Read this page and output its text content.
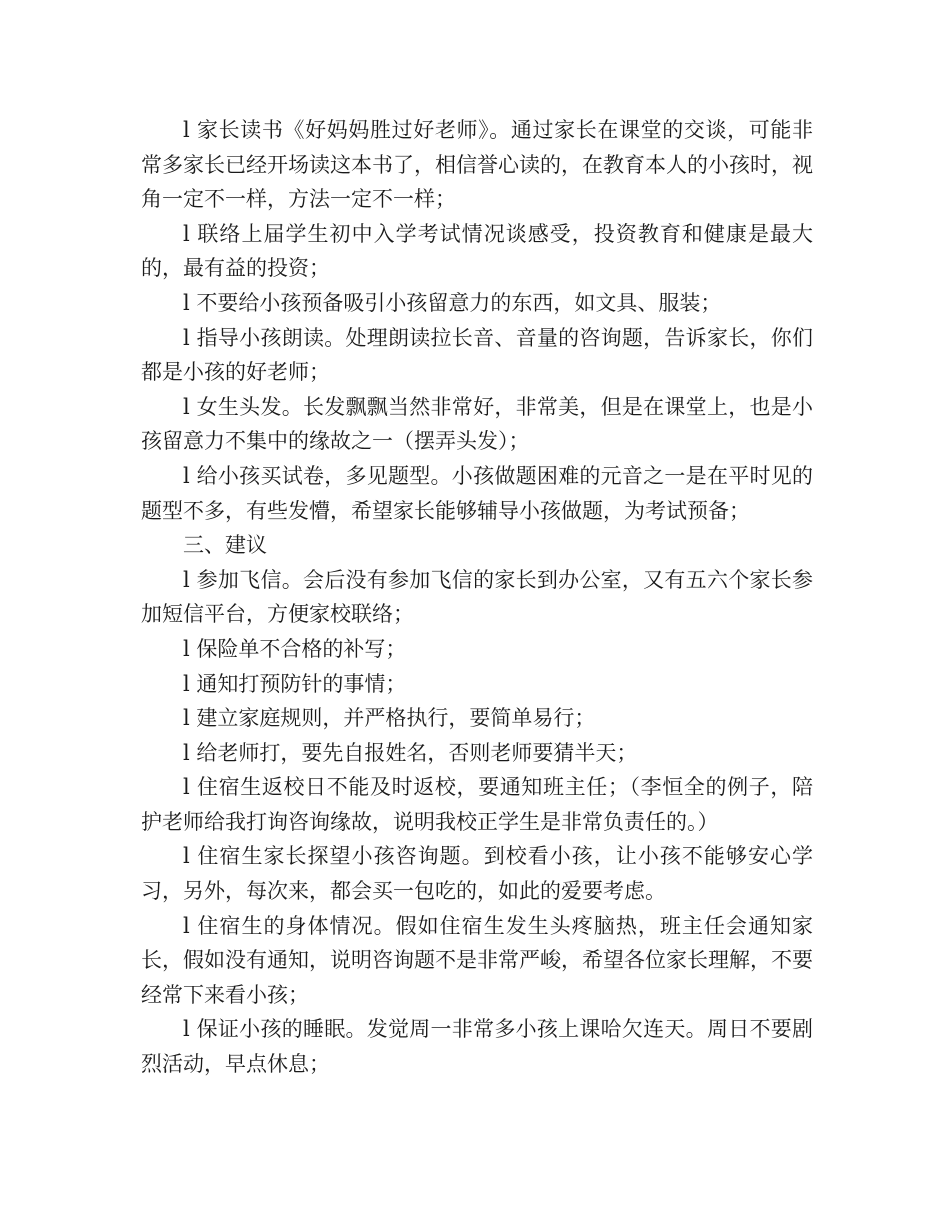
l 家长读书《好妈妈胜过好老师》。通过家长在课堂的交谈，可能非常多家长已经开场读这本书了，相信誉心读的，在教育本人的小孩时，视角一定不一样，方法一定不一样；

l 联络上届学生初中入学考试情况谈感受，投资教育和健康是最大的，最有益的投资；

l 不要给小孩预备吸引小孩留意力的东西，如文具、服装；

l 指导小孩朗读。处理朗读拉长音、音量的咨询题，告诉家长，你们都是小孩的好老师；

l 女生头发。长发飘飘当然非常好，非常美，但是在课堂上，也是小孩留意力不集中的缘故之一（摆弄头发）；

l 给小孩买试卷，多见题型。小孩做题困难的元音之一是在平时见的题型不多，有些发懵，希望家长能够辅导小孩做题，为考试预备；

三、建议

l 参加飞信。会后没有参加飞信的家长到办公室，又有五六个家长参加短信平台，方便家校联络；

l 保险单不合格的补写；

l 通知打预防针的事情；

l 建立家庭规则，并严格执行，要简单易行；

l 给老师打，要先自报姓名，否则老师要猜半天；

l 住宿生返校日不能及时返校，要通知班主任；（李恒全的例子，陪护老师给我打询咨询缘故，说明我校正学生是非常负责任的。）

l 住宿生家长探望小孩咨询题。到校看小孩，让小孩不能够安心学习，另外，每次来，都会买一包吃的，如此的爱要考虑。

l 住宿生的身体情况。假如住宿生发生头疼脑热，班主任会通知家长，假如没有通知，说明咨询题不是非常严峻，希望各位家长理解，不要经常下来看小孩；

l 保证小孩的睡眠。发觉周一非常多小孩上课哈欠连天。周日不要剧烈活动，早点休息；
